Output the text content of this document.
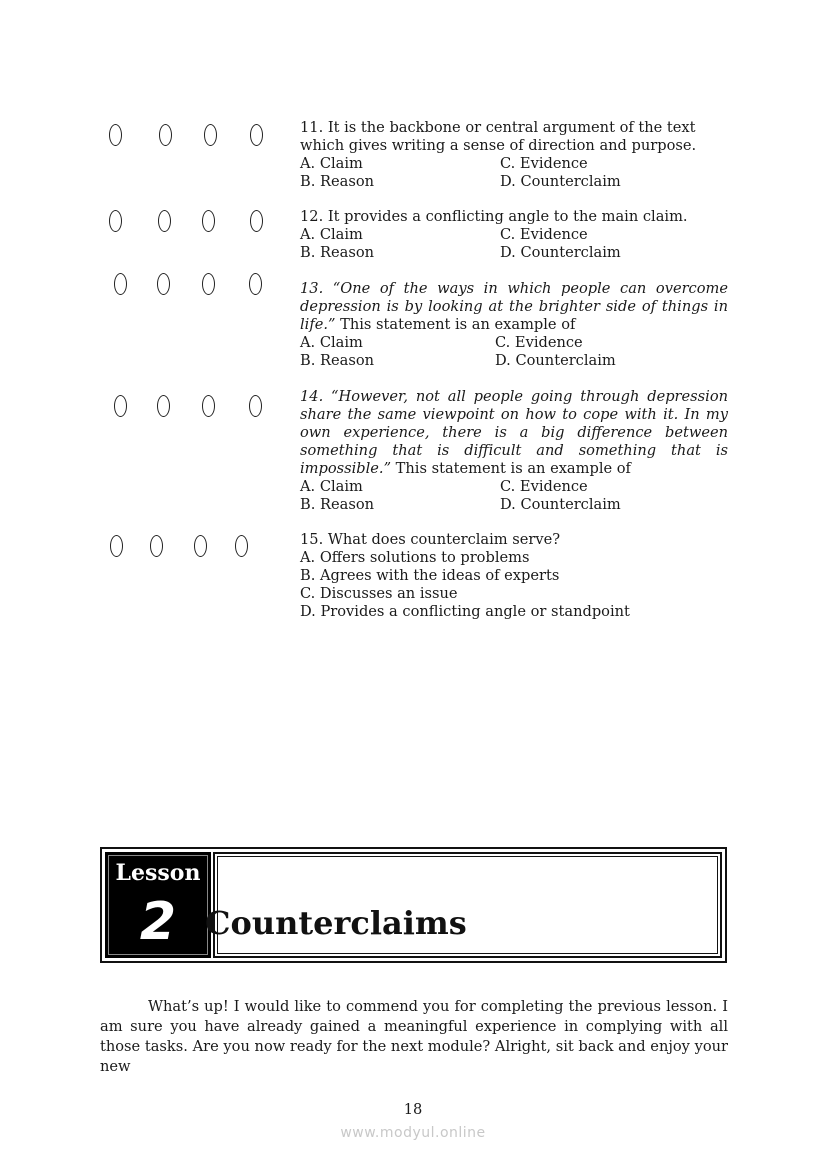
11. It is the backbone or central argument of the text which gives writing a sense of direction and purpose.

A. Claim	C. Evidence
B. Reason	D. Counterclaim

12. It provides a conflicting angle to the main claim.

A. Claim	C. Evidence
B. Reason	D. Counterclaim

13. “One of the ways in which people can overcome depression is by looking at the brighter side of things in life.” This statement is an example of

A. Claim	C. Evidence
B. Reason	D. Counterclaim

14. “However, not all people going through depression share the same viewpoint on how to cope with it. In my own experience, there is a big difference between something that is difficult and something that is impossible.” This statement is an example of

A. Claim	C. Evidence
B. Reason	D. Counterclaim

15. What does counterclaim serve?

A. Offers solutions to problems
B. Agrees with the ideas of experts
C. Discusses an issue
D. Provides a conflicting angle or standpoint
Lesson
2 Counterclaims

What’s up! I would like to commend you for completing the previous lesson. I am sure you have already gained a meaningful experience in complying with all those tasks. Are you now ready for the next module? Alright, sit back and enjoy your new

18
www.modyul.online
